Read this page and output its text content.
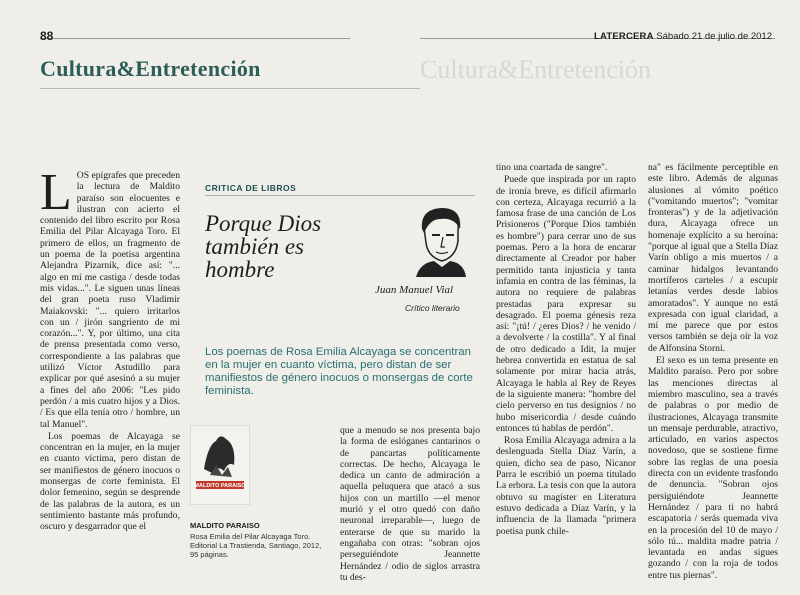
Cultura&Entretención
88	LATERCERA Sábado 21 de julio de 2012
Cultura&Entretención

LOS epígrafes que preceden la lectura de Maldito paraíso son elocuentes e ilustran con acierto el contenido del libro escrito por Rosa Emilia del Pilar Alcayaga Toro. El primero de ellos, un fragmento de un poema de la poetisa argentina Alejandra Pizarnik, dice así: "... algo en mí me castiga / desde todas mis vidas...". Le siguen unas líneas del gran poeta ruso Vladimir Maiakovski: "... quiero irritarlos con un / jirón sangriento de mi corazón...". Y, por último, una cita de prensa presentada como verso, correspondiente a las palabras que utilizó Víctor Astudillo para explicar por qué asesinó a su mujer a fines del año 2006: "Les pido perdón / a mis cuatro hijos y a Dios. / Es que ella tenía otro / hombre, un tal Manuel".

Los poemas de Alcayaga se concentran en la mujer, en la mujer en cuanto víctima, pero distan de ser manifiestos de género inocuos o monsergas de corte feminista. El dolor femenino, según se desprende de las palabras de la autora, es un sentimiento bastante más profundo, oscuro y desgarrador que el

CRITICA DE LIBROS
Porque Dios también es hombre
Juan Manuel Vial
Crítico literario
Los poemas de Rosa Emilia Alcayaga se concentran en la mujer en cuanto víctima, pero distan de ser manifiestos de género inocuos o monsergas de corte feminista.
MALDITO PARAISO
MALDITO PARAISO
Rosa Emilia del Pilar Alcayaga Toro. Editorial La Trastienda, Santiago, 2012, 95 páginas.

que a menudo se nos presenta bajo la forma de eslóganes cantarinos o de pancartas políticamente correctas. De hecho, Alcayaga le dedica un canto de admiración a aquella peluquera que atacó a sus hijos con un martillo —el menor murió y el otro quedó con daño neuronal irreparable—, luego de enterarse de que su marido la engañaba con otras: "sobran ojos perseguiéndote Jeannette Hernández / odio de siglos arrastra tu des-

tino una coartada de sangre".

Puede que inspirada por un rapto de ironía breve, es difícil afirmarlo con certeza, Alcayaga recurrió a la famosa frase de una canción de Los Prisioneros ("Porque Dios también es hombre") para cerrar uno de sus poemas. Pero a la hora de encarar directamente al Creador por haber permitido tanta injusticia y tanta infamia en contra de las féminas, la autora no requiere de palabras prestadas para expresar su desagrado. El poema génesis reza así: "¡tú! / ¿eres Dios? / he venido / a devolverte / la costilla". Y al final de otro dedicado a Idit, la mujer hebrea convertida en estatua de sal solamente por mirar hacia atrás, Alcayaga le habla al Rey de Reyes de la siguiente manera: "hombre del cielo perverso en tus designios / no hubo misericordia / desde cuándo entonces tú hablas de perdón".

Rosa Emilia Alcayaga admira a la deslenguada Stella Díaz Varín, a quien, dicho sea de paso, Nicanor Parra le escribió un poema titulado La erbora. La tesis con que la autora obtuvo su magíster en Literatura estuvo dedicada a Díaz Varín, y la influencia de la llamada "primera poetisa punk chile-

na" es fácilmente perceptible en este libro. Además de algunas alusiones al vómito poético ("vomitando muertos"; "vomitar fronteras") y de la adjetivación dura, Alcayaga ofrece un homenaje explícito a su heroína: "porque al igual que a Stella Díaz Varín obligo a mis muertos / a caminar hidalgos levantando mortíferos carteles / a escupir letanías verdes desde labios amoratados". Y aunque no está expresada con igual claridad, a mí me parece que por estos versos también se deja oír la voz de Alfonsina Storni.

El sexo es un tema presente en Maldito paraíso. Pero por sobre las menciones directas al miembro masculino, sea a través de palabras o por medio de ilustraciones, Alcayaga transmite un mensaje perdurable, atractivo, articulado, en varios aspectos novedoso, que se sostiene firme sobre las reglas de una poesía directa con un evidente trasfondo de denuncia. "Sobran ojos persiguiéndote Jeannette Hernández / para ti no habrá escapatoria / serás quemada viva en la procesión del 10 de mayo / sólo tú... maldita madre patria / levantada en andas sigues gozando / con la roja de todos entre tus piernas".
